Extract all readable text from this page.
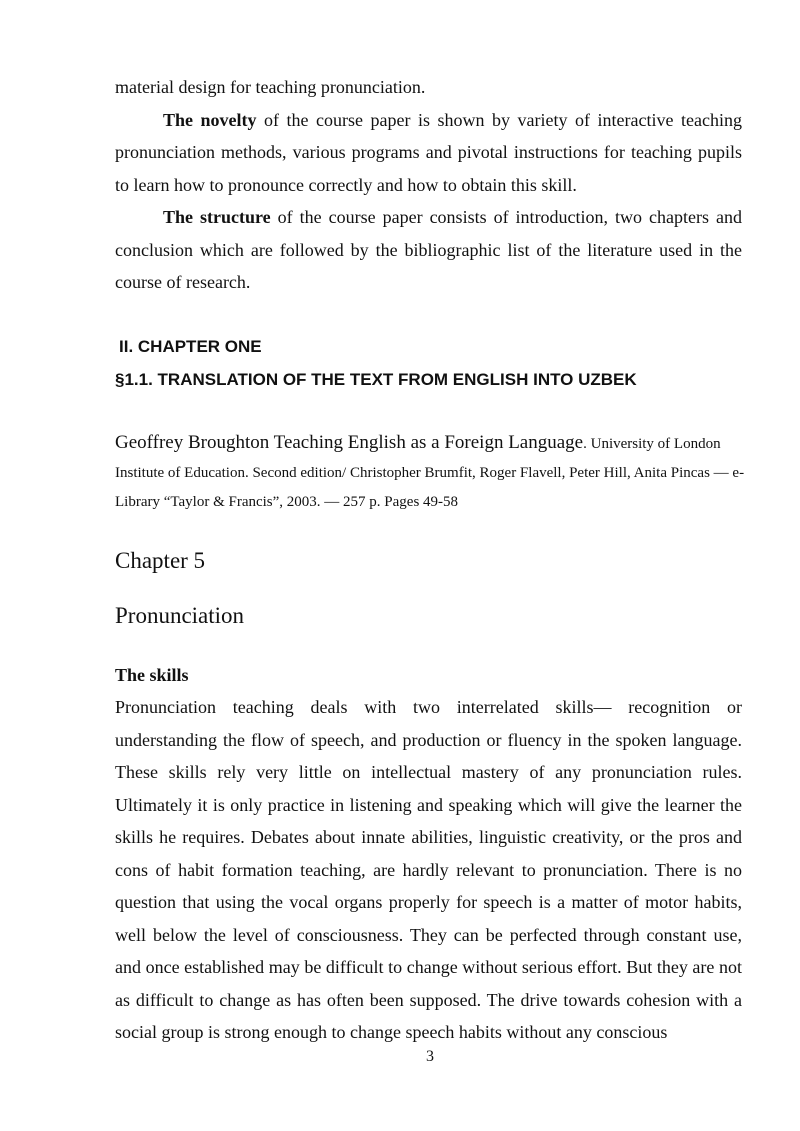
material design for teaching pronunciation.

The novelty of the course paper is shown by variety of interactive teaching pronunciation methods, various programs and pivotal instructions for teaching pupils to learn how to pronounce correctly and how to obtain this skill.

The structure of the course paper consists of introduction, two chapters and conclusion which are followed by the bibliographic list of the literature used in the course of research.

II. CHAPTER ONE
§1.1. TRANSLATION OF THE TEXT FROM ENGLISH INTO UZBEK
Geoffrey Broughton Teaching English as a Foreign Language. University of London Institute of Education. Second edition/ Christopher Brumfit, Roger Flavell, Peter Hill, Anita Pincas — e-Library “Taylor & Francis”, 2003. — 257 p. Pages 49-58
Chapter 5
Pronunciation
The skills

Pronunciation teaching deals with two interrelated skills— recognition or understanding the flow of speech, and production or fluency in the spoken language. These skills rely very little on intellectual mastery of any pronunciation rules. Ultimately it is only practice in listening and speaking which will give the learner the skills he requires. Debates about innate abilities, linguistic creativity, or the pros and cons of habit formation teaching, are hardly relevant to pronunciation. There is no question that using the vocal organs properly for speech is a matter of motor habits, well below the level of consciousness. They can be perfected through constant use, and once established may be difficult to change without serious effort. But they are not as difficult to change as has often been supposed. The drive towards cohesion with a social group is strong enough to change speech habits without any conscious

3
